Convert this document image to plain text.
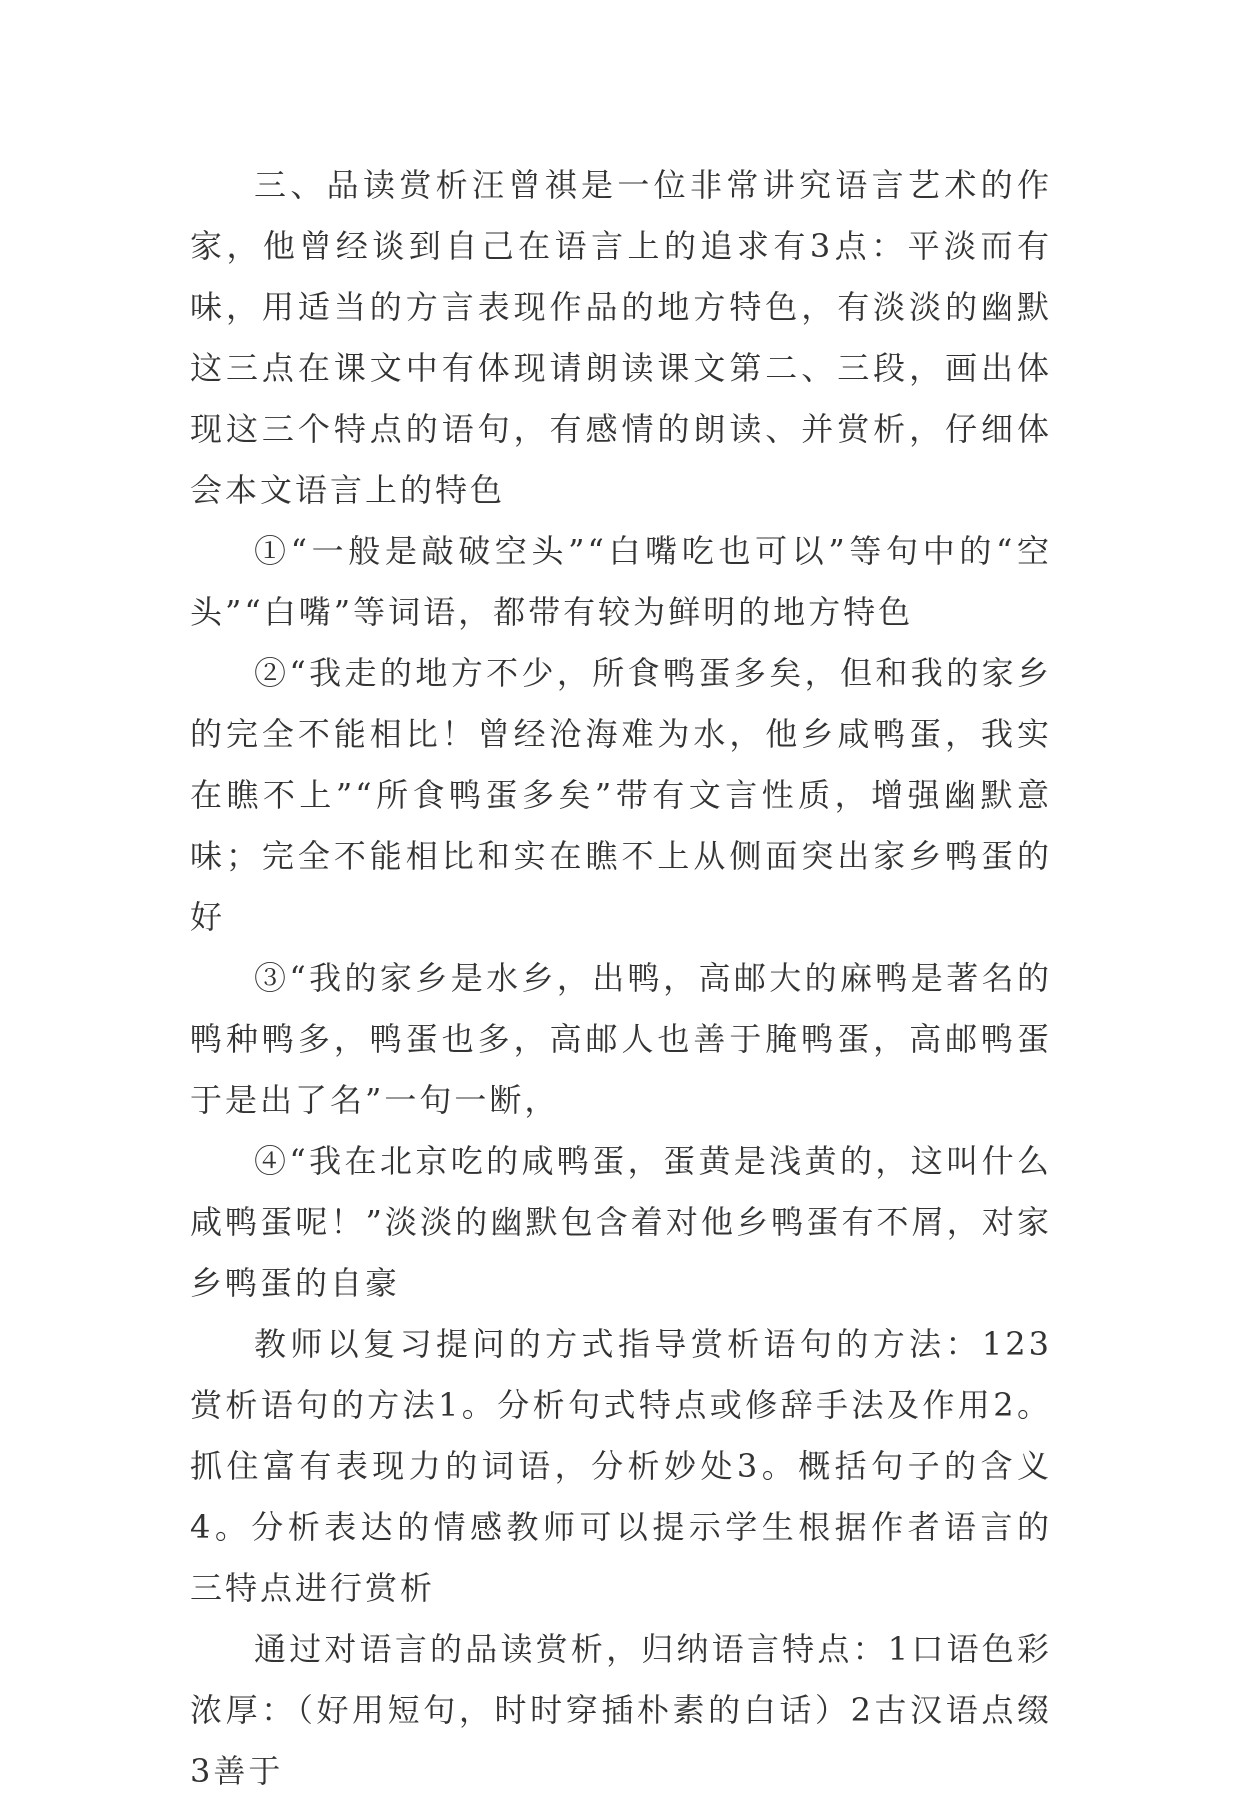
三、品读赏析汪曾祺是一位非常讲究语言艺术的作家，他曾经谈到自己在语言上的追求有3点：平淡而有味，用适当的方言表现作品的地方特色，有淡淡的幽默这三点在课文中有体现请朗读课文第二、三段，画出体现这三个特点的语句，有感情的朗读、并赏析，仔细体会本文语言上的特色

①“一般是敲破空头”“白嘴吃也可以”等句中的“空头”“白嘴”等词语，都带有较为鲜明的地方特色

②“我走的地方不少，所食鸭蛋多矣，但和我的家乡的完全不能相比！曾经沧海难为水，他乡咸鸭蛋，我实在瞧不上”“所食鸭蛋多矣”带有文言性质，增强幽默意味；完全不能相比和实在瞧不上从侧面突出家乡鸭蛋的好

③“我的家乡是水乡，出鸭，高邮大的麻鸭是著名的鸭种鸭多，鸭蛋也多，高邮人也善于腌鸭蛋，高邮鸭蛋于是出了名”一句一断，

④“我在北京吃的咸鸭蛋，蛋黄是浅黄的，这叫什么咸鸭蛋呢！”淡淡的幽默包含着对他乡鸭蛋有不屑，对家乡鸭蛋的自豪

教师以复习提问的方式指导赏析语句的方法：123赏析语句的方法1。分析句式特点或修辞手法及作用2。抓住富有表现力的词语，分析妙处3。概括句子的含义4。分析表达的情感教师可以提示学生根据作者语言的三特点进行赏析

通过对语言的品读赏析，归纳语言特点：1口语色彩浓厚：（好用短句，时时穿插朴素的白话）2古汉语点缀3善于
